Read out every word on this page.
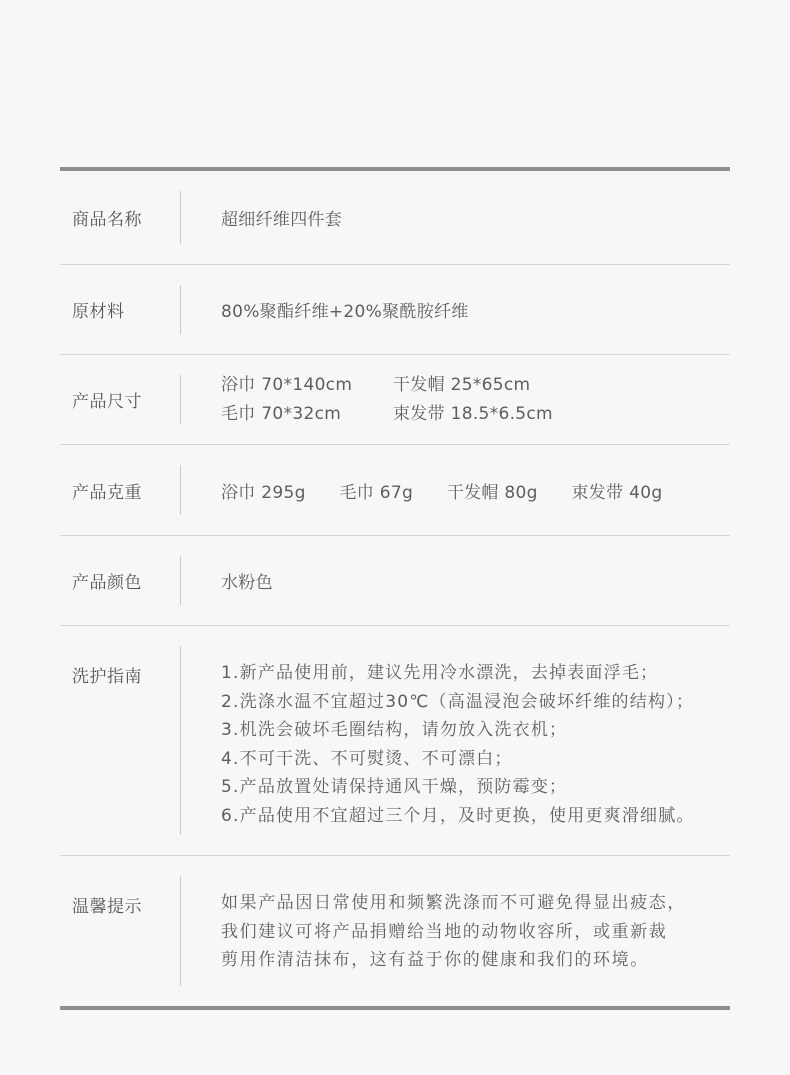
商品名称	超细纤维四件套
原材料	80%聚酯纤维+20%聚酰胺纤维
产品尺寸
浴巾 70*140cm	干发帽 25*65cm
毛巾 70*32cm	束发带 18.5*6.5cm
产品克重	浴巾 295g 毛巾 67g 干发帽 80g 束发带 40g
产品颜色	水粉色
洗护指南	1.新产品使用前，建议先用冷水漂洗，去掉表面浮毛；
2.洗涤水温不宜超过30℃（高温浸泡会破坏纤维的结构）；
3.机洗会破坏毛圈结构，请勿放入洗衣机；
4.不可干洗、不可熨烫、不可漂白；
5.产品放置处请保持通风干燥，预防霉变；
6.产品使用不宜超过三个月，及时更换，使用更爽滑细腻。
温馨提示	如果产品因日常使用和频繁洗涤而不可避免得显出疲态，
我们建议可将产品捐赠给当地的动物收容所，或重新裁
剪用作清洁抹布，这有益于你的健康和我们的环境。
